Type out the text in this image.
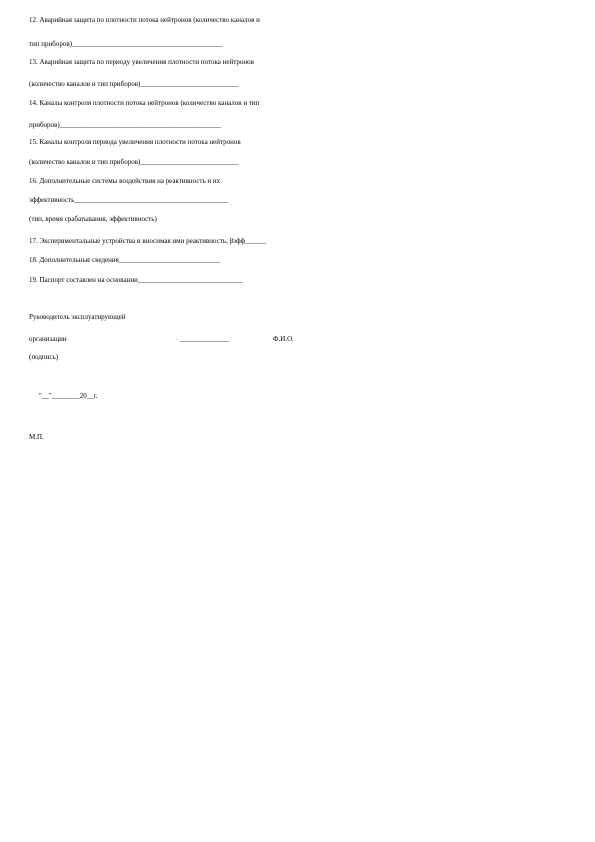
12. Аварийная защита по плотности потока нейтронов (количество каналов и
тип приборов)___________________________________________
13. Аварийная защита по периоду увеличения плотности потока нейтронов
(количество каналов и тип приборов)____________________________
14. Каналы контроля плотности потока нейтронов (количество каналов и тип
приборов)______________________________________________
15. Каналы контроля периода увеличения плотности потока нейтронов
(количество каналов и тип приборов)____________________________
16. Дополнительные системы воздействия на реактивность и их
эффективность____________________________________________
(тип, время срабатывания, эффективность)
17. Экспериментальные устройства и вносимая ими реактивность, βэфф______
18. Дополнительные сведения_____________________________
19. Паспорт составлен на основании______________________________
Руководитель эксплуатирующей
организации	______________	Ф.И.О.
(подпись)
"__"________20__г.
М.П.
